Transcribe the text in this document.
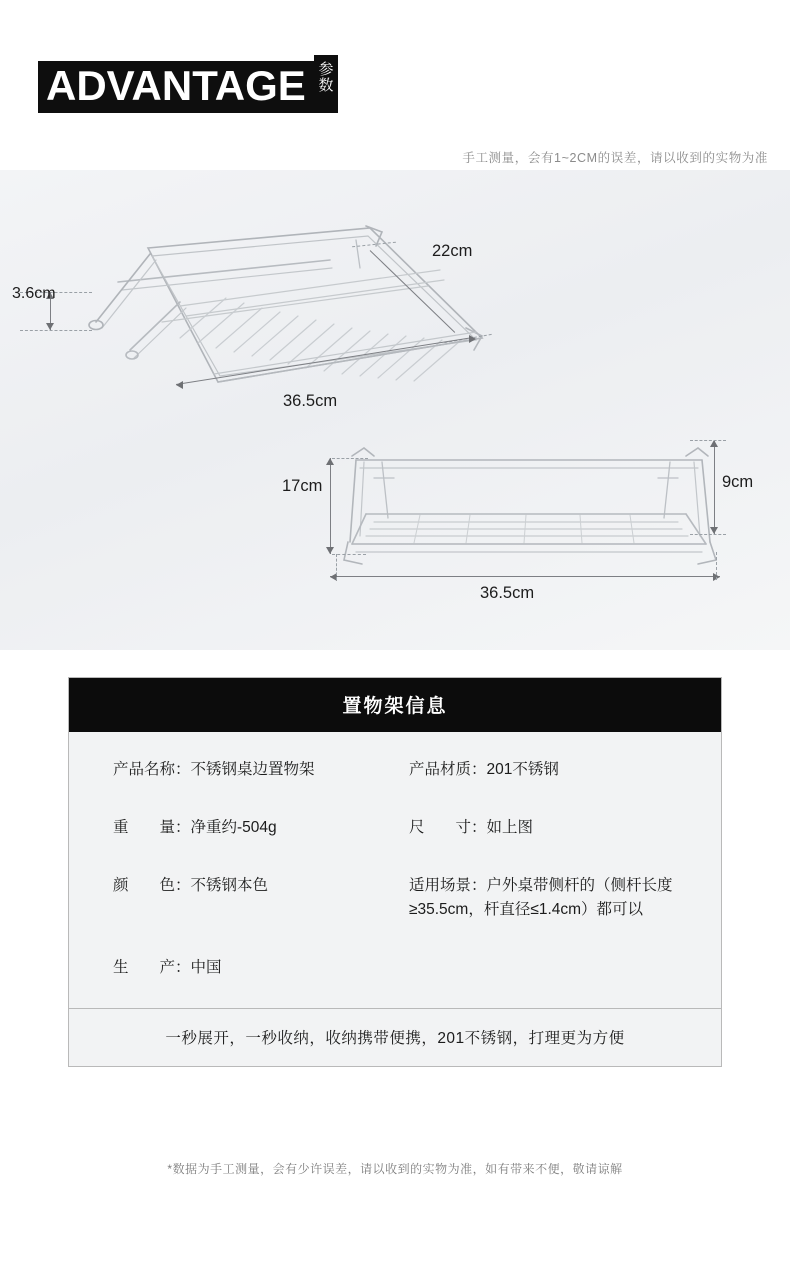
ADVANTAGE 参数
手工测量，会有1~2CM的误差，请以收到的实物为准
3.6cm
22cm
36.5cm
17cm	9cm
36.5cm
置物架信息
产品名称：不锈钢桌边置物架	产品材质：201不锈钢
重　　量：净重约-504g	尺　　寸：如上图
颜　　色：不锈钢本色	适用场景：户外桌带侧杆的（侧杆长度≥35.5cm，杆直径≤1.4cm）都可以
生　　产：中国
一秒展开，一秒收纳，收纳携带便携，201不锈钢，打理更为方便
*数据为手工测量，会有少许误差，请以收到的实物为准，如有带来不便，敬请谅解
